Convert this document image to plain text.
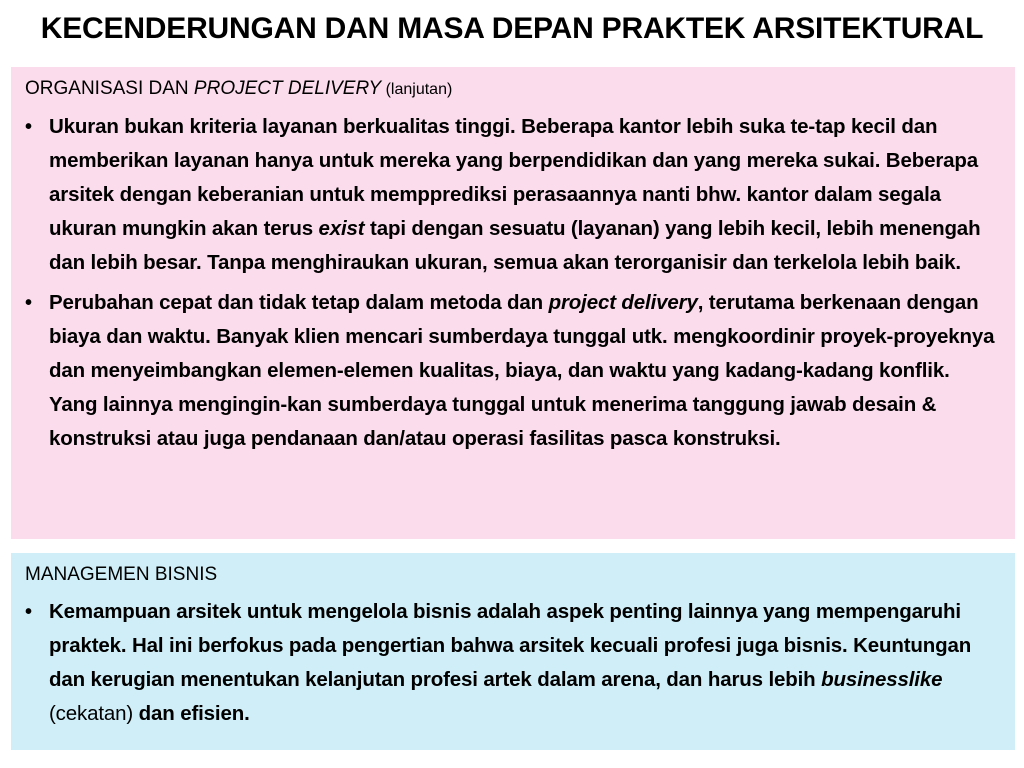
KECENDERUNGAN DAN MASA DEPAN PRAKTEK ARSITEKTURAL
ORGANISASI DAN PROJECT DELIVERY (lanjutan)
• Ukuran bukan kriteria layanan berkualitas tinggi. Beberapa kantor lebih suka te-tap kecil dan memberikan layanan hanya untuk mereka yang berpendidikan dan yang mereka sukai. Beberapa arsitek dengan keberanian untuk mempprediksi perasaannya nanti bhw. kantor dalam segala ukuran mungkin akan terus exist tapi dengan sesuatu (layanan) yang lebih kecil, lebih menengah dan lebih besar. Tanpa menghiraukan ukuran, semua akan terorganisir dan terkelola lebih baik.
• Perubahan cepat dan tidak tetap dalam metoda dan project delivery, terutama berkenaan dengan biaya dan waktu. Banyak klien mencari sumberdaya tunggal utk. mengkoordinir proyek-proyeknya dan menyeimbangkan elemen-elemen kualitas, biaya, dan waktu yang kadang-kadang konflik. Yang lainnya mengingin-kan sumberdaya tunggal untuk menerima tanggung jawab desain & konstruksi atau juga pendanaan dan/atau operasi fasilitas pasca konstruksi.
MANAGEMEN BISNIS
• Kemampuan arsitek untuk mengelola bisnis adalah aspek penting lainnya yang mempengaruhi praktek. Hal ini berfokus pada pengertian bahwa arsitek kecuali profesi juga bisnis. Keuntungan dan kerugian menentukan kelanjutan profesi artek dalam arena, dan harus lebih businesslike (cekatan) dan efisien.
